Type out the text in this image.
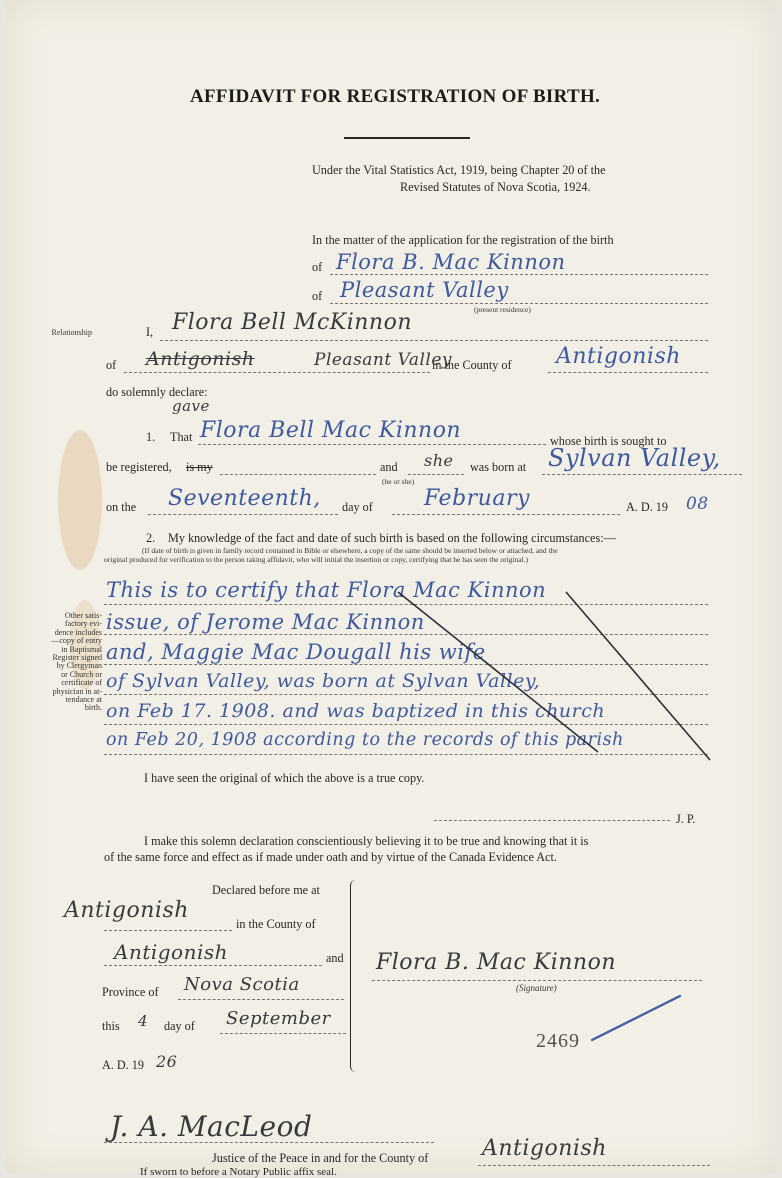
AFFIDAVIT FOR REGISTRATION OF BIRTH.
Under the Vital Statistics Act, 1919, being Chapter 20 of the
Revised Statutes of Nova Scotia, 1924.
In the matter of the application for the registration of the birth
of Flora B. Mac Kinnon
of Pleasant Valley
(present residence)
Relationship	I, Flora Bell McKinnon
of Antigonish	Pleasant Valley
in the County of Antigonish
do solemnly declare:
gave
1. That Flora Bell Mac Kinnon	whose birth is sought to
be registered, is my	and she
(he or she)
was born at Sylvan Valley,
on the Seventeenth, day of February	A. D. 19 08
2. My knowledge of the fact and date of such birth is based on the following circumstances:—
(If date of birth is given in family record contained in Bible or elsewhere, a copy of the same should be inserted below or attached, and the
original produced for verification to the person taking affidavit, who will initial the insertion or copy, certifying that he has seen the original.)
Other satis-
factory evi-
dence includes
—copy of entry
in Baptismal
Register signed
by Clergyman
or Church or
certificate of
physician in at-
tendance at
birth.
This is to certify that Flora Mac Kinnon
issue, of Jerome Mac Kinnon
and, Maggie Mac Dougall his wife
of Sylvan Valley, was born at Sylvan Valley,
on Feb 17. 1908. and was baptized in this church
on Feb 20, 1908 according to the records of this parish
I have seen the original of which the above is a true copy.
J. P.
I make this solemn declaration conscientiously believing it to be true and knowing that it is
of the same force and effect as if made under oath and by virtue of the Canada Evidence Act.
Declared before me at
Antigonish
in the County of
Antigonish	and
Province of Nova Scotia
this 4 day of September
A. D. 19 26
Flora B. Mac Kinnon
(Signature)
2469
J. A. MacLeod
Justice of the Peace in and for the County of Antigonish
If sworn to before a Notary Public affix seal.
